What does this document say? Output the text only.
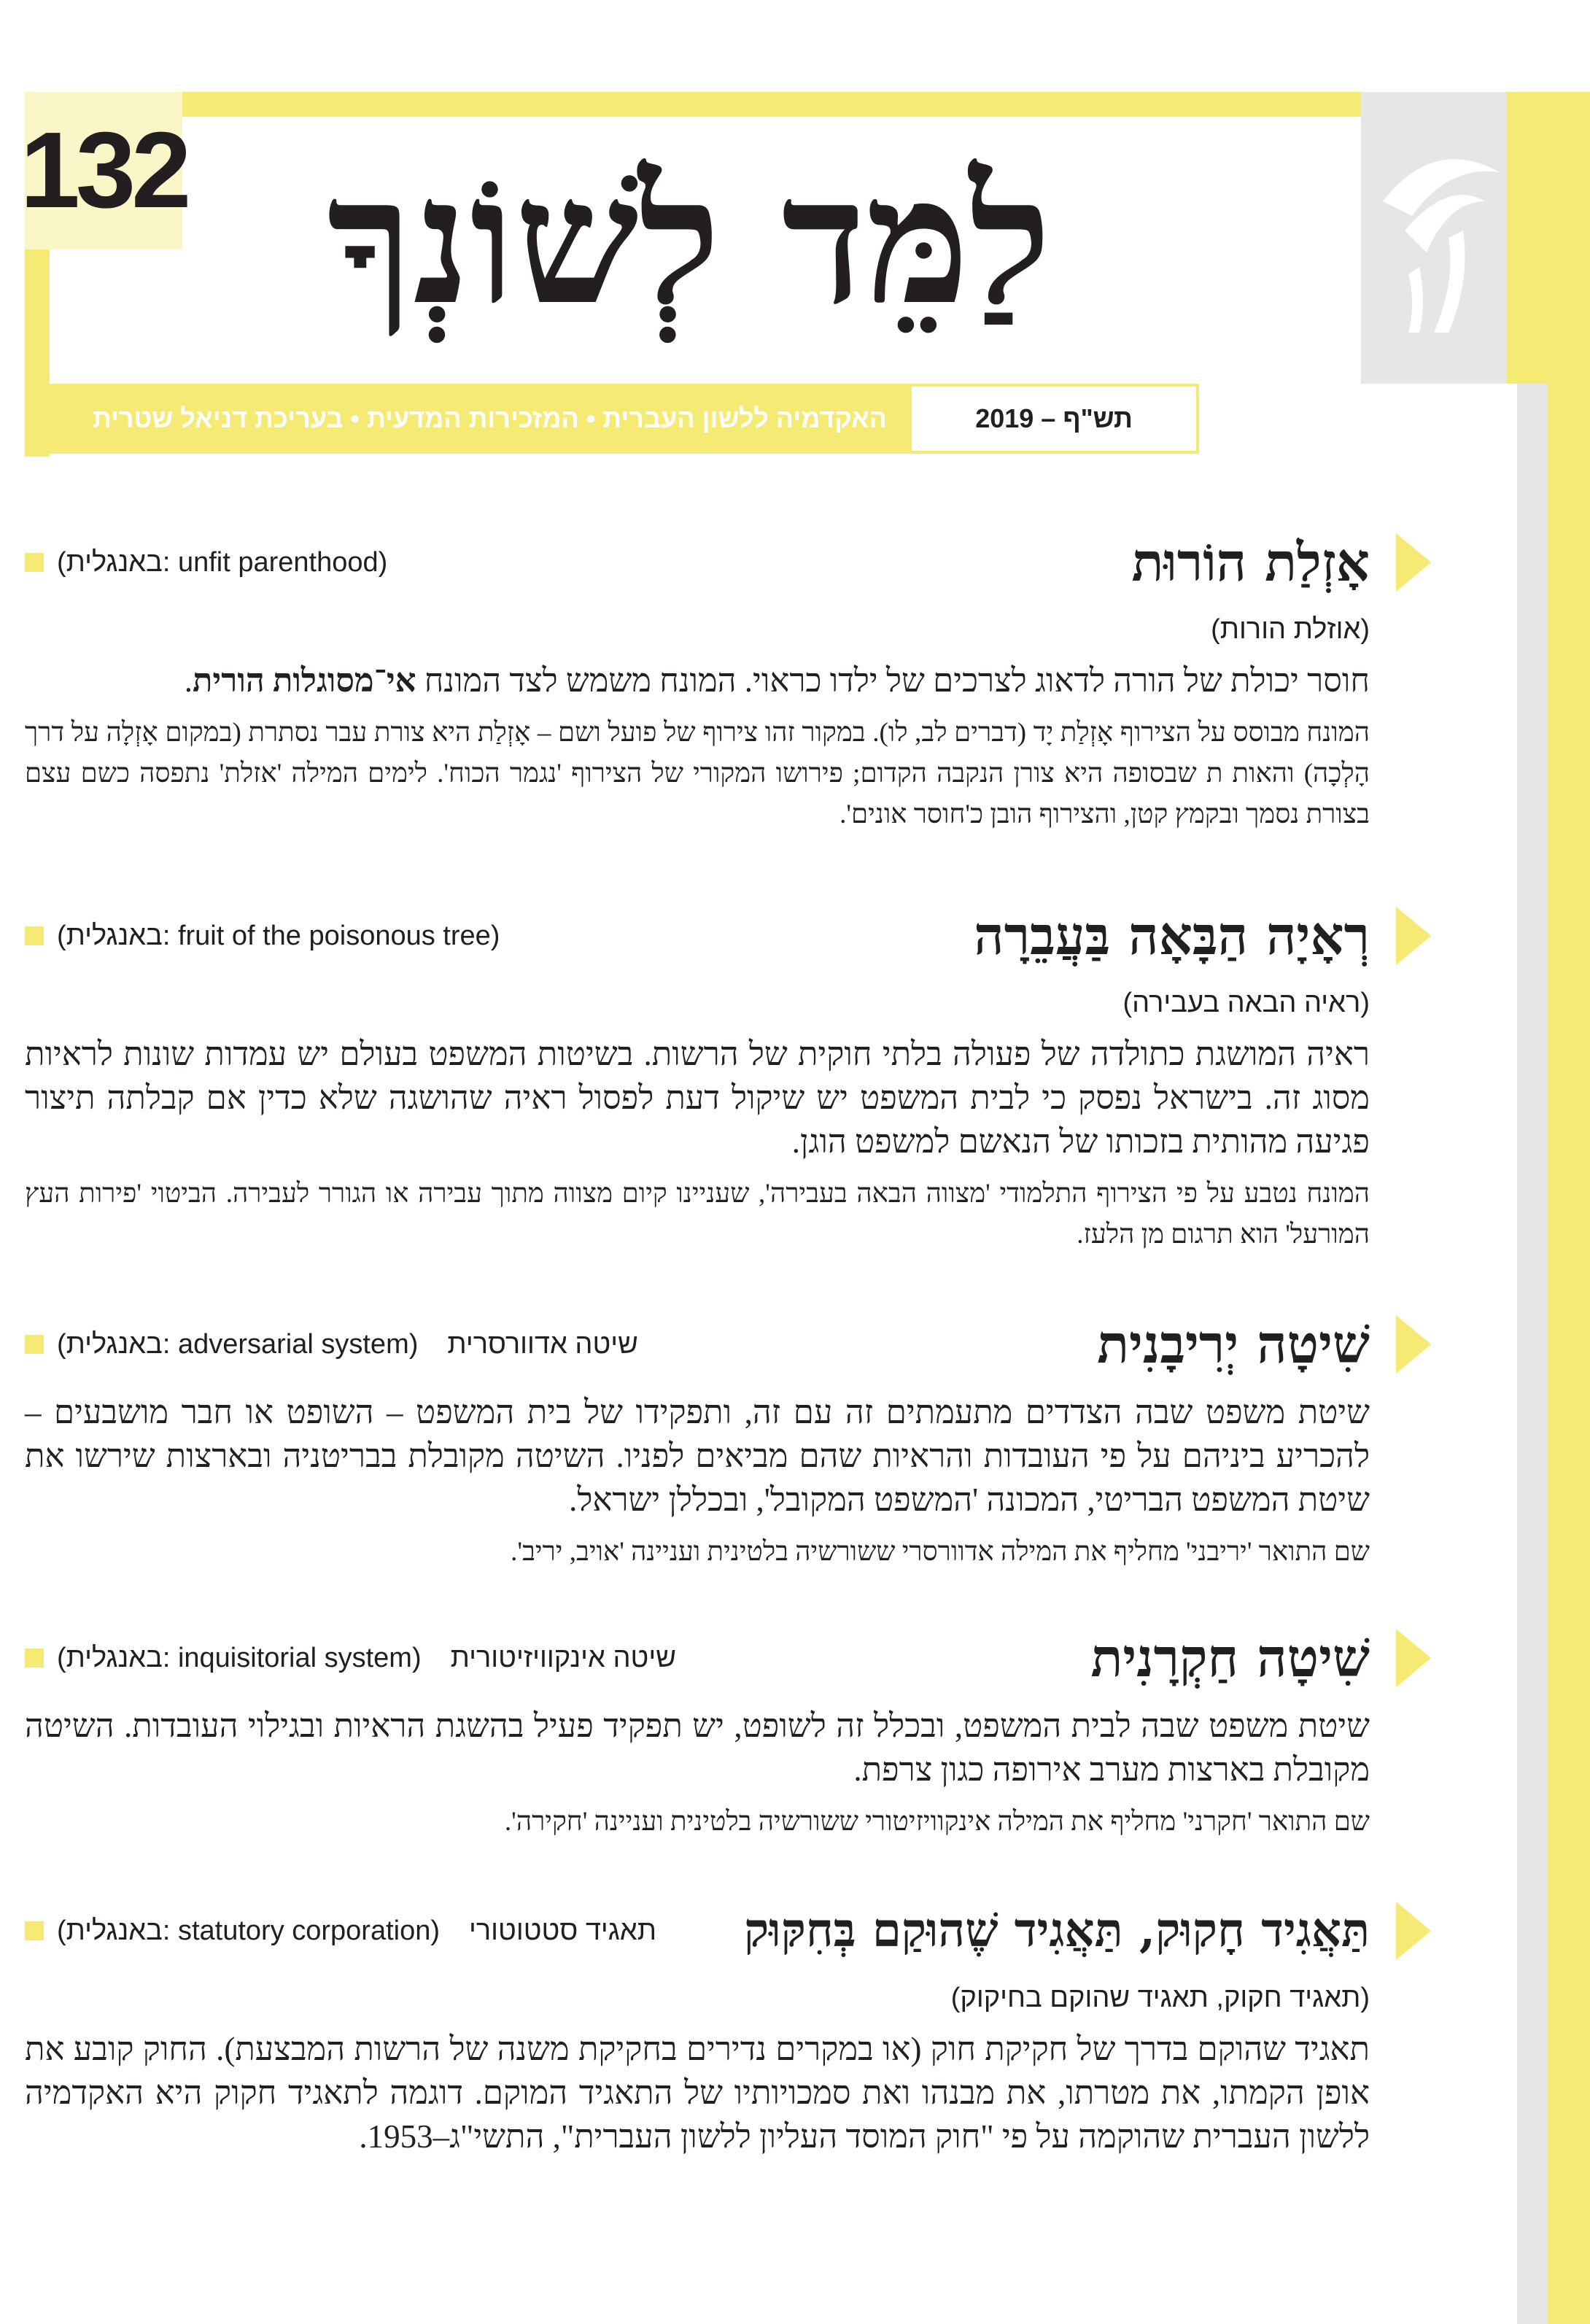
132 לַמֵּד לְשׁוֹנְךָ
האקדמיה ללשון העברית • המזכירות המדעית • בעריכת דניאל שטרית	תש"ף – 2019
אָזְלַת הוֹרוּת
(באנגלית: unfit parenthood)
(אוזלת הורות)
חוסר יכולת של הורה לדאוג לצרכים של ילדו כראוי. המונח משמש לצד המונח אי־מסוגלות הורית.
המונח מבוסס על הצירוף אָזְלַת יָד (דברים לב, לו). במקור זהו צירוף של פועל ושם – אָזְלַת היא צורת עבר נסתרת (במקום אָזְלָה על דרך הָלְכָה) והאות ת שבסופה היא צורן הנקבה הקדום; פירושו המקורי של הצירוף 'נגמר הכוח'. לימים המילה 'אזלת' נתפסה כשם עצם בצורת נסמך ובקמץ קטן, והצירוף הובן כ'חוסר אונים'.
רְאָיָה הַבָּאָה בַּעֲבֵרָה
(באנגלית: fruit of the poisonous tree)
(ראיה הבאה בעבירה)
ראיה המושגת כתולדה של פעולה בלתי חוקית של הרשות. בשיטות המשפט בעולם יש עמדות שונות לראיות מסוג זה. בישראל נפסק כי לבית המשפט יש שיקול דעת לפסול ראיה שהושגה שלא כדין אם קבלתה תיצור פגיעה מהותית בזכותו של הנאשם למשפט הוגן.
המונח נטבע על פי הצירוף התלמודי 'מצווה הבאה בעבירה', שעניינו קיום מצווה מתוך עבירה או הגורר לעבירה. הביטוי 'פירות העץ המורעל' הוא תרגום מן הלעז.
שִׁיטָה יְרִיבָנִית
(באנגלית: adversarial system) שיטה אדוורסרית
שיטת משפט שבה הצדדים מתעמתים זה עם זה, ותפקידו של בית המשפט – השופט או חבר מושבעים – להכריע ביניהם על פי העובדות והראיות שהם מביאים לפניו. השיטה מקובלת בבריטניה ובארצות שירשו את שיטת המשפט הבריטי, המכונה 'המשפט המקובל', ובכללן ישראל.
שם התואר 'יריבני' מחליף את המילה אדוורסרי ששורשיה בלטינית ועניינה 'אויב, יריב'.
שִׁיטָה חַקְרָנִית
(באנגלית: inquisitorial system) שיטה אינקוויזיטורית
שיטת משפט שבה לבית המשפט, ובכלל זה לשופט, יש תפקיד פעיל בהשגת הראיות ובגילוי העובדות. השיטה מקובלת בארצות מערב אירופה כגון צרפת.
שם התואר 'חקרני' מחליף את המילה אינקוויזיטורי ששורשיה בלטינית ועניינה 'חקירה'.
תַּאֲגִיד חָקוּק, תַּאֲגִיד שֶׁהוּקַם בְּחִקּוּק
(באנגלית: statutory corporation) תאגיד סטטוטורי
(תאגיד חקוק, תאגיד שהוקם בחיקוק)
תאגיד שהוקם בדרך של חקיקת חוק (או במקרים נדירים בחקיקת משנה של הרשות המבצעת). החוק קובע את אופן הקמתו, את מטרתו, את מבנהו ואת סמכויותיו של התאגיד המוקם. דוגמה לתאגיד חקוק היא האקדמיה ללשון העברית שהוקמה על פי "חוק המוסד העליון ללשון העברית", התשי"ג–1953.
